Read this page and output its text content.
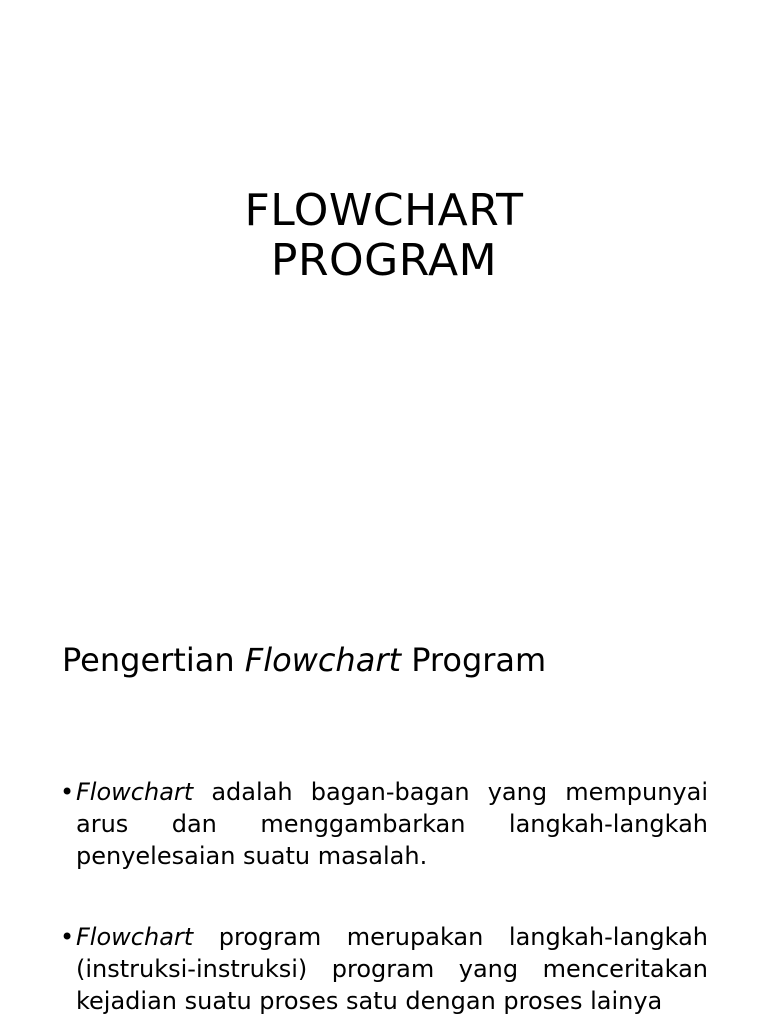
FLOWCHART
PROGRAM
Pengertian Flowchart Program
• Flowchart adalah bagan-bagan yang mempunyai arus dan menggambarkan langkah-langkah penyelesaian suatu masalah.
• Flowchart program merupakan langkah-langkah (instruksi-instruksi) program yang menceritakan kejadian suatu proses satu dengan proses lainya
